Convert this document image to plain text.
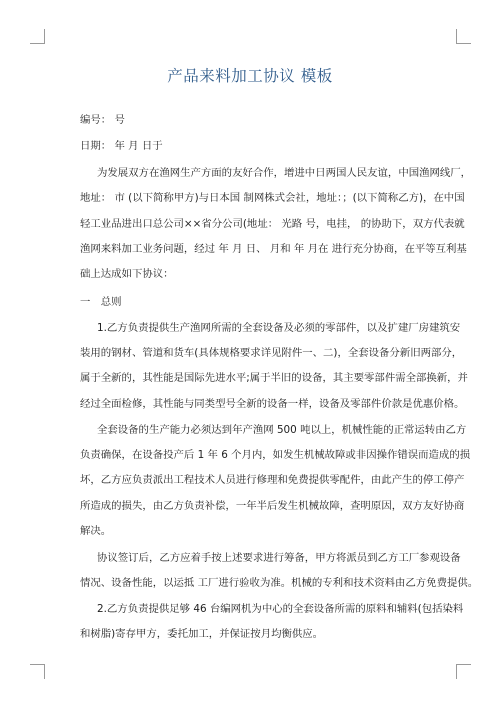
产品来料加工协议 模板
编号： 号
日期： 年 月 日于
为发展双方在渔网生产方面的友好合作，增进中日两国人民友谊，中国渔网线厂，
地址： 市 (以下简称甲方)与日本国 制网株式会社，地址：；(以下简称乙方)，在中国
轻工业品进出口总公司××省分公司(地址： 光路 号，电挂， 的协助下，双方代表就
渔网来料加工业务问题，经过 年 月 日、 月和 年 月在 进行充分协商，在平等互利基
础上达成如下协议：
一　总则
1.乙方负责提供生产渔网所需的全套设备及必须的零部件，以及扩建厂房建筑安
装用的钢材、管道和货车(具体规格要求详见附件一、二)，全套设备分新旧两部分，
属于全新的，其性能是国际先进水平;属于半旧的设备，其主要零部件需全部换新，并
经过全面检修，其性能与同类型号全新的设备一样，设备及零部件价款是优惠价格。
全套设备的生产能力必须达到年产渔网 500 吨以上，机械性能的正常运转由乙方
负责确保，在设备投产后 1 年 6 个月内，如发生机械故障或非因操作错误而造成的损
坏，乙方应负责派出工程技术人员进行修理和免费提供零配件，由此产生的停工停产
所造成的损失，由乙方负责补偿，一年半后发生机械故障，查明原因，双方友好协商
解决。
协议签订后，乙方应着手按上述要求进行筹备，甲方将派员到乙方工厂参观设备
情况、设备性能，以运抵 工厂进行验收为准。机械的专利和技术资料由乙方免费提供。
2.乙方负责提供足够 46 台编网机为中心的全套设备所需的原料和辅料(包括染料
和树脂)寄存甲方，委托加工，并保证按月均衡供应。
